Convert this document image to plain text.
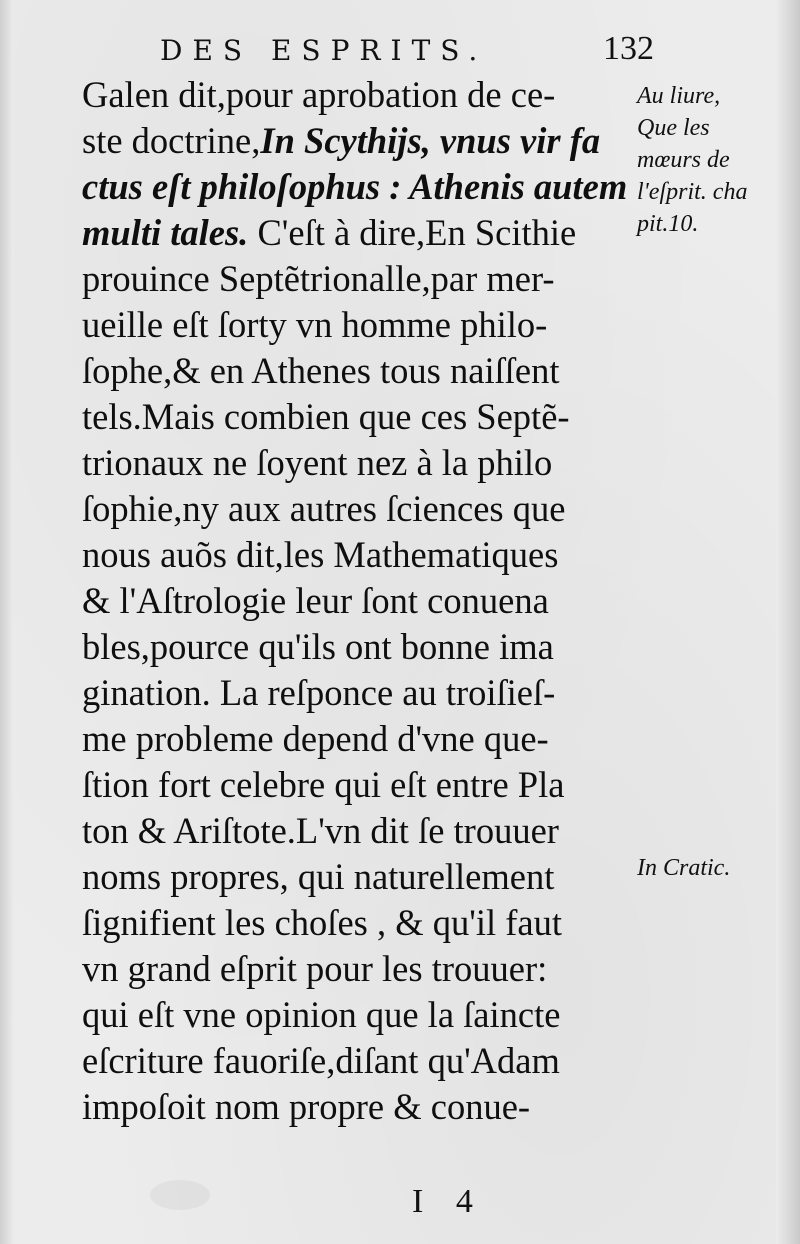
DES ESPRITS.	132
Galen dit,pour aprobation de ce-
ste doctrine,In Scythijs, vnus vir fa
ctus eſt philoſophus : Athenis autem
multi tales. C'eſt à dire,En Scithie
prouince Septẽtrionalle,par mer-
ueille eſt ſorty vn homme philo-
ſophe,& en Athenes tous naiſſent
tels.Mais combien que ces Septẽ-
trionaux ne ſoyent nez à la philo
ſophie,ny aux autres ſciences que
nous auõs dit,les Mathematiques
& l'Aſtrologie leur ſont conuena
bles,pource qu'ils ont bonne ima
gination. La reſponce au troiſieſ-
me probleme depend d'vne que-
ſtion fort celebre qui eſt entre Pla
ton & Ariſtote.L'vn dit ſe trouuer
noms propres, qui naturellement
ſignifient les choſes , & qu'il faut
vn grand eſprit pour les trouuer:
qui eſt vne opinion que la ſaincte
eſcriture fauoriſe,diſant qu'Adam
impoſoit nom propre & conue-
Au liure,
Que les
mœurs de
l'eſprit. cha
pit.10.
In Cratic.
I 4
